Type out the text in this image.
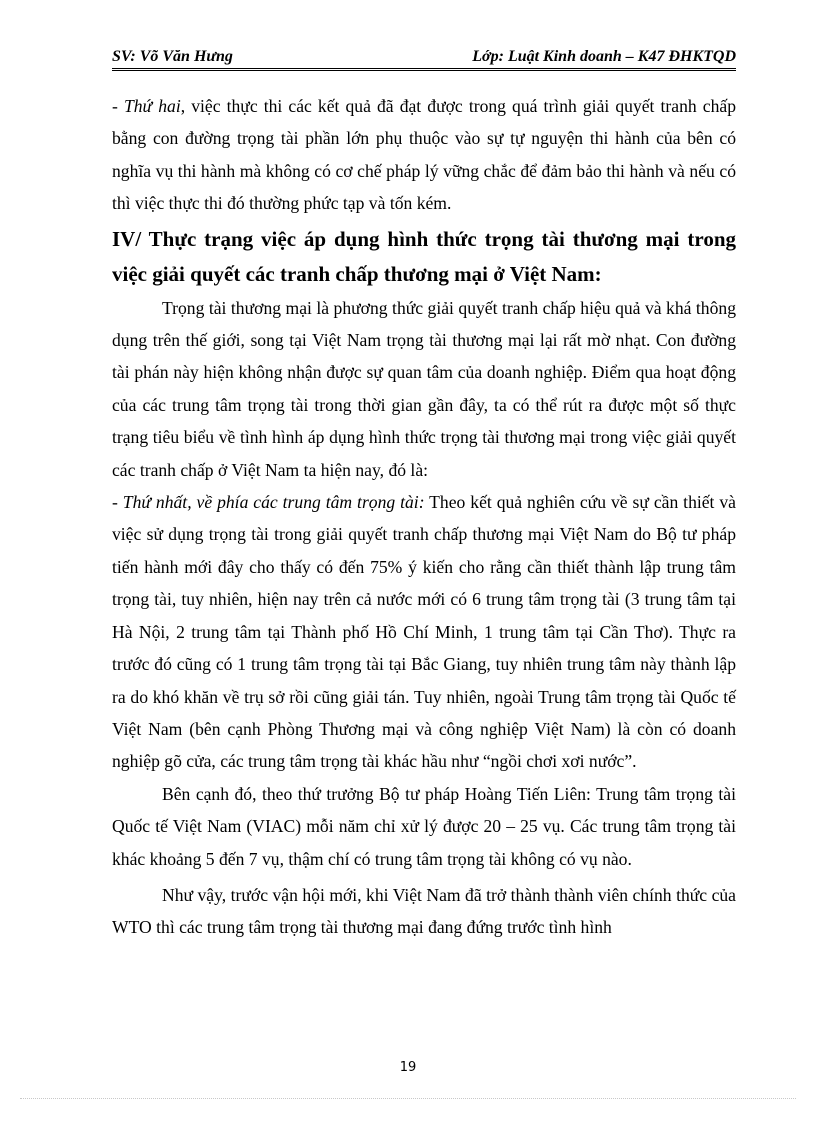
SV: Võ Văn Hưng	Lớp: Luật Kinh doanh – K47 ĐHKTQD

- Thứ hai, việc thực thi các kết quả đã đạt được trong quá trình giải quyết tranh chấp bằng con đường trọng tài phần lớn phụ thuộc vào sự tự nguyện thi hành của bên có nghĩa vụ thi hành mà không có cơ chế pháp lý vững chắc để đảm bảo thi hành và nếu có thì việc thực thi đó thường phức tạp và tốn kém.

IV/ Thực trạng việc áp dụng hình thức trọng tài thương mại trong việc giải quyết các tranh chấp thương mại ở Việt Nam:

Trọng tài thương mại là phương thức giải quyết tranh chấp hiệu quả và khá thông dụng trên thế giới, song tại Việt Nam trọng tài thương mại lại rất mờ nhạt. Con đường tài phán này hiện không nhận được sự quan tâm của doanh nghiệp. Điểm qua hoạt động của các trung tâm trọng tài trong thời gian gần đây, ta có thể rút ra được một số thực trạng tiêu biểu về tình hình áp dụng hình thức trọng tài thương mại trong việc giải quyết các tranh chấp ở Việt Nam ta hiện nay, đó là:

- Thứ nhất, về phía các trung tâm trọng tài: Theo kết quả nghiên cứu về sự cần thiết và việc sử dụng trọng tài trong giải quyết tranh chấp thương mại Việt Nam do Bộ tư pháp tiến hành mới đây cho thấy có đến 75% ý kiến cho rằng cần thiết thành lập trung tâm trọng tài, tuy nhiên, hiện nay trên cả nước mới có 6 trung tâm trọng tài (3 trung tâm tại Hà Nội, 2 trung tâm tại Thành phố Hồ Chí Minh, 1 trung tâm tại Cần Thơ). Thực ra trước đó cũng có 1 trung tâm trọng tài tại Bắc Giang, tuy nhiên trung tâm này thành lập ra do khó khăn về trụ sở rồi cũng giải tán. Tuy nhiên, ngoài Trung tâm trọng tài Quốc tế Việt Nam (bên cạnh Phòng Thương mại và công nghiệp Việt Nam) là còn có doanh nghiệp gõ cửa, các trung tâm trọng tài khác hầu như “ngồi chơi xơi nước”.

Bên cạnh đó, theo thứ trưởng Bộ tư pháp Hoàng Tiến Liên: Trung tâm trọng tài Quốc tế Việt Nam (VIAC) mỗi năm chỉ xử lý được 20 – 25 vụ. Các trung tâm trọng tài khác khoảng 5 đến 7 vụ, thậm chí có trung tâm trọng tài không có vụ nào.

Như vậy, trước vận hội mới, khi Việt Nam đã trở thành thành viên chính thức của WTO thì các trung tâm trọng tài thương mại đang đứng trước tình hình

19
